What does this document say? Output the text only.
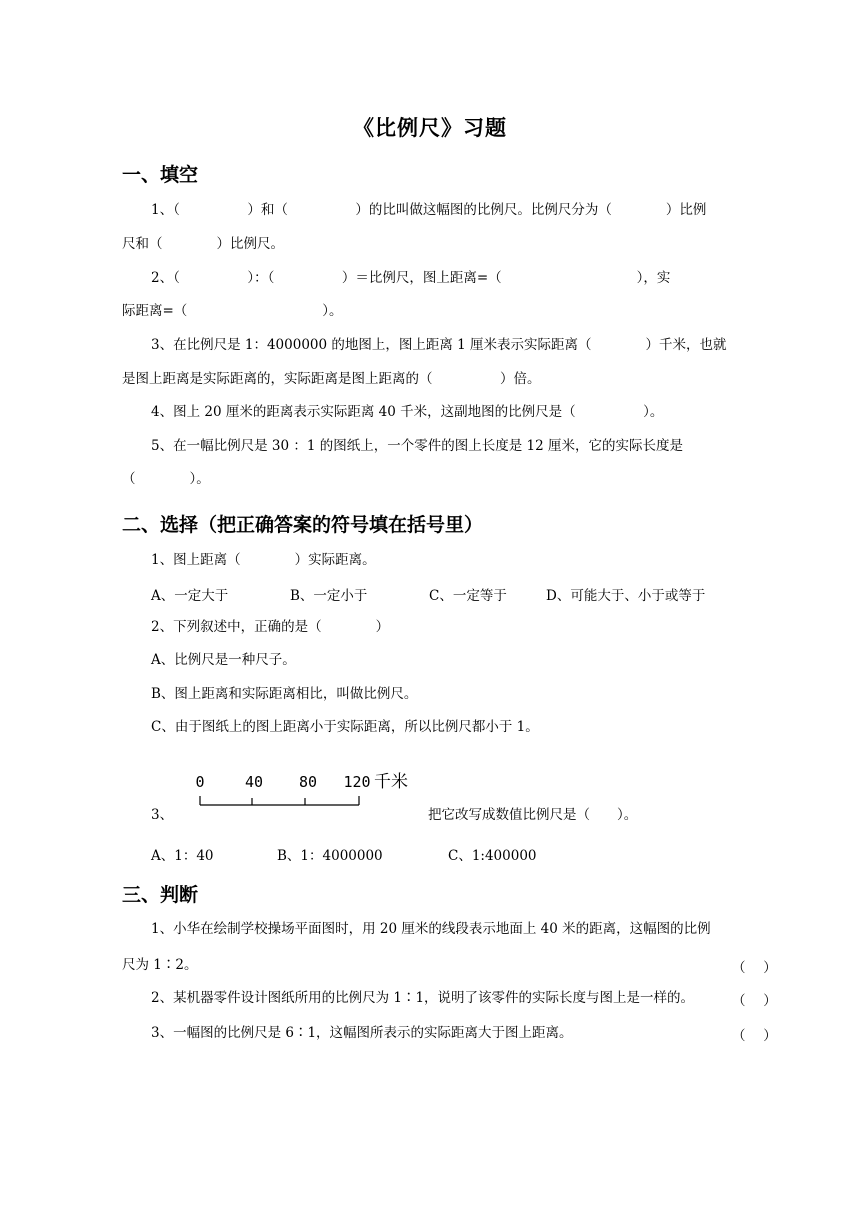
《比例尺》习题
一、填空
1、（　　　　　）和（　　　　　）的比叫做这幅图的比例尺。比例尺分为（　　　　）比例
尺和（　　　　）比例尺。
2、（　　　　　）：（　　　　　）＝比例尺，图上距离=（　　　　　　　　　　），实
际距离=（　　　　　　　　　　）。
3、在比例尺是 1：4000000 的地图上，图上距离 1 厘米表示实际距离（　　　　）千米，也就
是图上距离是实际距离的，实际距离是图上距离的（　　　　　）倍。
4、图上 20 厘米的距离表示实际距离 40 千米，这副地图的比例尺是（　　　　　）。
5、在一幅比例尺是 30 ：1 的图纸上，一个零件的图上长度是 12 厘米，它的实际长度是
（　　　　）。
二、选择（把正确答案的符号填在括号里）
1、图上距离（　　　　）实际距离。
A、一定大于	B、一定小于	C、一定等于	D、可能大于、小于或等于
2、下列叙述中，正确的是（　　　　）
A、比例尺是一种尺子。
B、图上距离和实际距离相比，叫做比例尺。
C、由于图纸上的图上距离小于实际距离，所以比例尺都小于 1。
0	40 80 120 千米
3、	把它改写成数值比例尺是（　　）。
A、1：40	B、1：4000000	C、1:400000
三、判断
1、小华在绘制学校操场平面图时，用 20 厘米的线段表示地面上 40 米的距离，这幅图的比例
尺为 1∶2。	（　 ）
2、某机器零件设计图纸所用的比例尺为 1∶1，说明了该零件的实际长度与图上是一样的。	（　 ）
3、一幅图的比例尺是 6∶1，这幅图所表示的实际距离大于图上距离。	（　 ）
